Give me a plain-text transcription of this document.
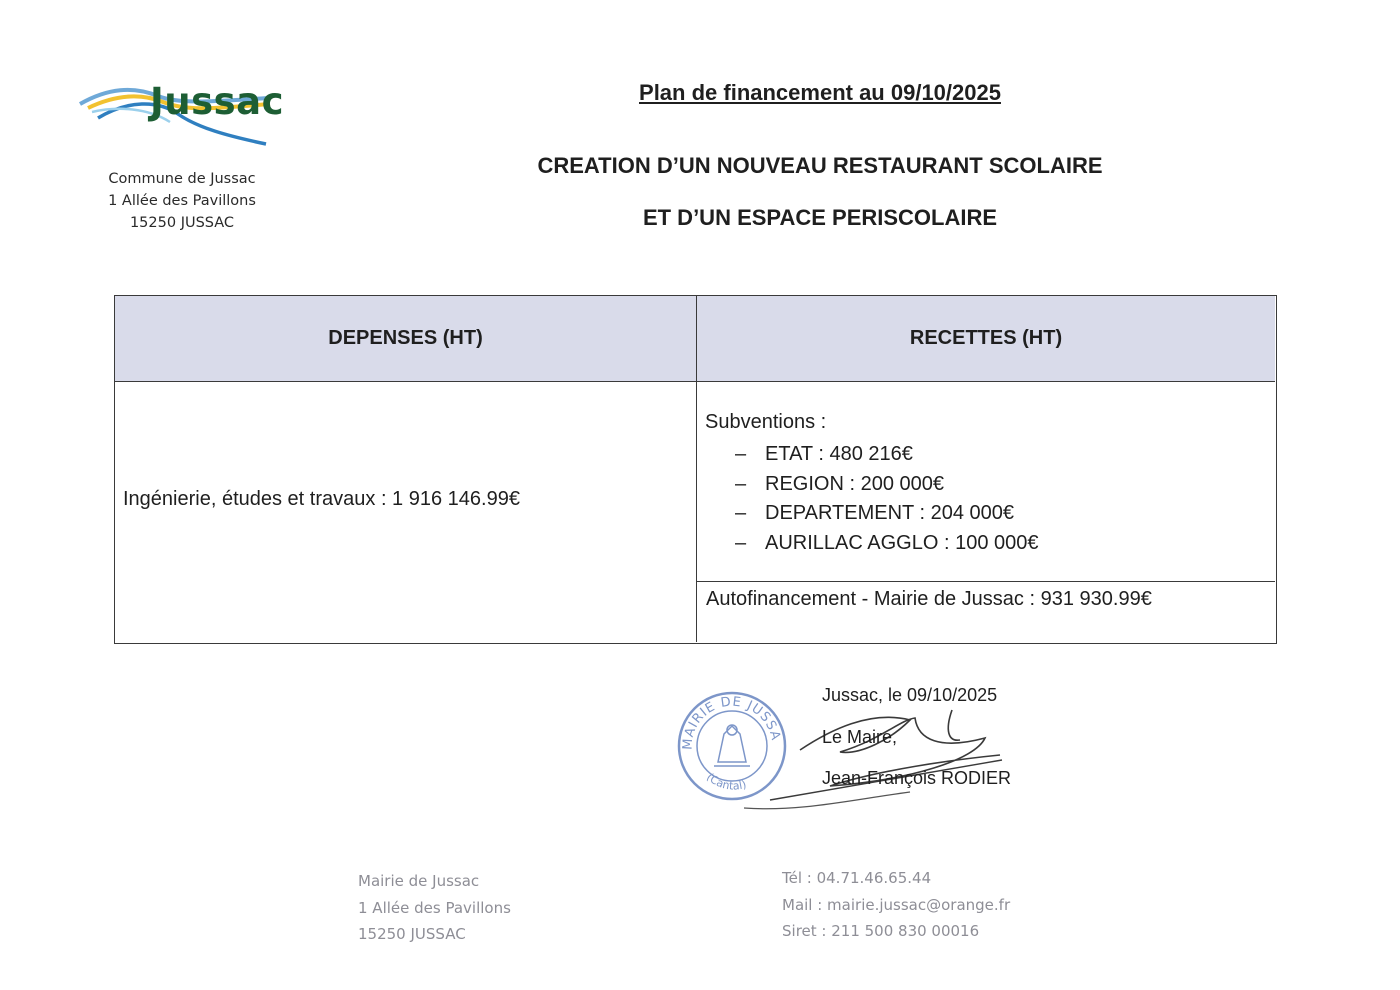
Jussac
Commune de Jussac
1 Allée des Pavillons
15250 JUSSAC
Plan de financement au 09/10/2025
CREATION D’UN NOUVEAU RESTAURANT SCOLAIRE
ET D’UN ESPACE PERISCOLAIRE
DEPENSES (HT)	RECETTES (HT)
Ingénierie, études et travaux : 1 916 146.99€
Subventions :
– ETAT : 480 216€
– REGION : 200 000€
– DEPARTEMENT : 204 000€
– AURILLAC AGGLO : 100 000€
Autofinancement - Mairie de Jussac : 931 930.99€
MAIRIE DE JUSSA
(Cantal)
Jussac, le 09/10/2025
Le Maire,
Jean-François RODIER
Mairie de Jussac
1 Allée des Pavillons
15250 JUSSAC
Tél : 04.71.46.65.44
Mail : mairie.jussac@orange.fr
Siret : 211 500 830 00016
